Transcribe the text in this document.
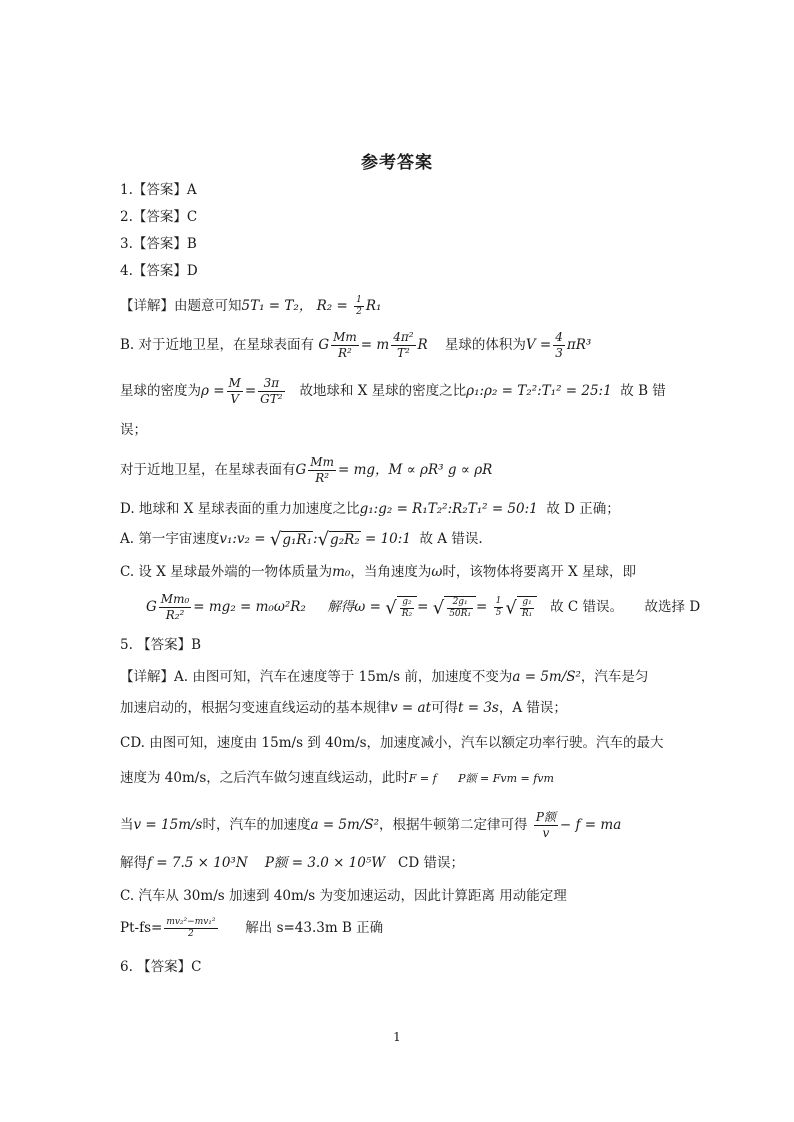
参考答案
1.【答案】A
2.【答案】C
3.【答案】B
4.【答案】D
【详解】由题意可知5T₁ = T₂， $R_2 = \frac{1}{2} R_1$
B. 对于近地卫星，在星球表面有 G $\frac{Mm}{\text{R²}} = m \frac{\text{4π²}}{\text{T²}}$ R 星球的体积为$V = \frac{4}{3} \pi R^3$
星球的密度为$\rho = \frac{M}{V} = \frac{3\pi}{\text{GT²}}$ 故地球和 X 星球的密度之比ρ₁:ρ₂ = T₂²:T₁² = 25:1 故 B 错
误；
对于近地卫星，在星球表面有G $\frac{Mm}{\text{R²}}$ = mg，M ∝ ρR³ g ∝ ρR
D. 地球和 X 星球表面的重力加速度之比g₁:g₂ = R₁T₂²:R₂T₁² = 50:1 故 D 正确；
A. 第一宇宙速度v₁:v₂ = √g₁R₁:√g₂R₂ = 10:1 故 A 错误.
C. 设 X 星球最外端的一物体质量为m₀，当角速度为ω时，该物体将要离开 X 星球，即
G $\frac{\text{Mm₀}}{\text{R₂²}} = mg_2 = m_0\omega^2R_2$ 解得ω = √ $\frac{\text{g₂}}{\text{R₂}}$ = √ $\frac{\text{2g₁}}{\text{50R₁}} = \frac{1}{5}$ √ $\frac{\text{g₁}}{\text{R₁}}$ 故 C 错误。 故选择 D
5. 【答案】B
【详解】A. 由图可知，汽车在速度等于 15m/s 前，加速度不变为a = 5m/S²，汽车是匀
加速启动的，根据匀变速直线运动的基本规律v = at可得t = 3s，A 错误；
CD. 由图可知，速度由 15m/s 到 40m/s，加速度减小，汽车以额定功率行驶。汽车的最大
速度为 40m/s，之后汽车做匀速直线运动，此时F = f P额 = Fvm = fvm
当v = 15m/s时，汽车的加速度a = 5m/S²，根据牛顿第二定律可得 $\frac{\text{P额}}{v} - f$ = ma
解得f = 7.5 × 10³N P额 = 3.0 × 10⁵W CD 错误；
C. 汽车从 30m/s 加速到 40m/s 为变加速运动，因此计算距离 用动能定理
$Pt-fs= \frac{\text{mv₂²−mv₁²}}{2}$ 解出 s=43.3m B 正确
6. 【答案】C
1
